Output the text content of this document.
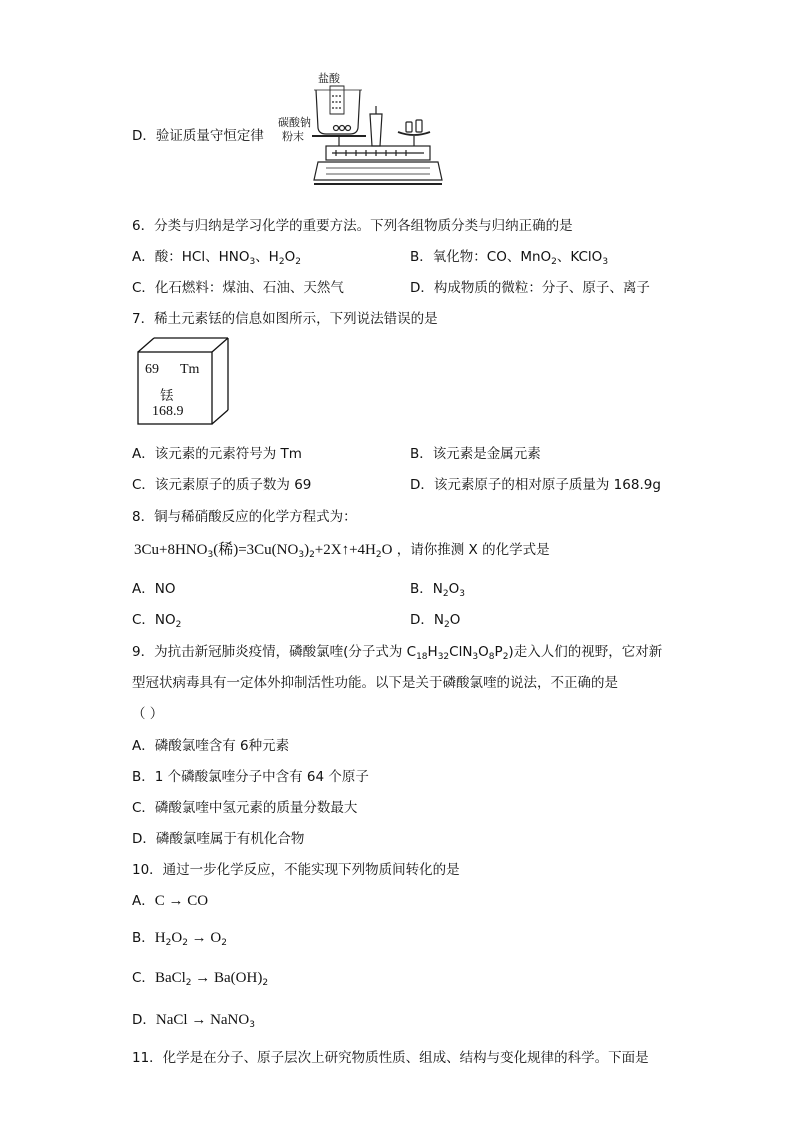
D．验证质量守恒定律
盐酸
碳酸钠
粉末
6．分类与归纳是学习化学的重要方法。下列各组物质分类与归纳正确的是
A．酸：HCl、$HNO_3$、$H_2O_2$	B．氧化物：CO、MnO$_2$、KClO$_3$
C．化石燃料：煤油、石油、天然气	D．构成物质的微粒：分子、原子、离子
7．稀土元素铥的信息如图所示，下列说法错误的是
69 Tm
铥
168.9
A．该元素的元素符号为 Tm	B．该元素是金属元素
C．该元素原子的质子数为 69	D．该元素原子的相对原子质量为 168.9g
8．铜与稀硝酸反应的化学方程式为：
$3Cu+8HNO_3$(稀)$=3Cu(NO_3)_2+2X↑+4H_2O$ ，请你推测 X 的化学式是
A．NO	B．$N_2O_3$
C．$NO_2$	D．$N_2O$
9．为抗击新冠肺炎疫情，磷酸氯喹(分子式为 $C_{18}H_{32}ClN_3O_8P_2$)走入人们的视野，它对新
型冠状病毒具有一定体外抑制活性功能。以下是关于磷酸氯喹的说法，不正确的是
（ ）
A．磷酸氯喹含有 6种元素
B．1 个磷酸氯喹分子中含有 64 个原子
C．磷酸氯喹中氢元素的质量分数最大
D．磷酸氯喹属于有机化合物
10．通过一步化学反应，不能实现下列物质间转化的是
A．C → CO
B．$H_2O_2 \to O_2$
C．BaCl$_2$ → $Ba(OH)_2$
D．NaCl → NaNO$_3$
11．化学是在分子、原子层次上研究物质性质、组成、结构与变化规律的科学。下面是
